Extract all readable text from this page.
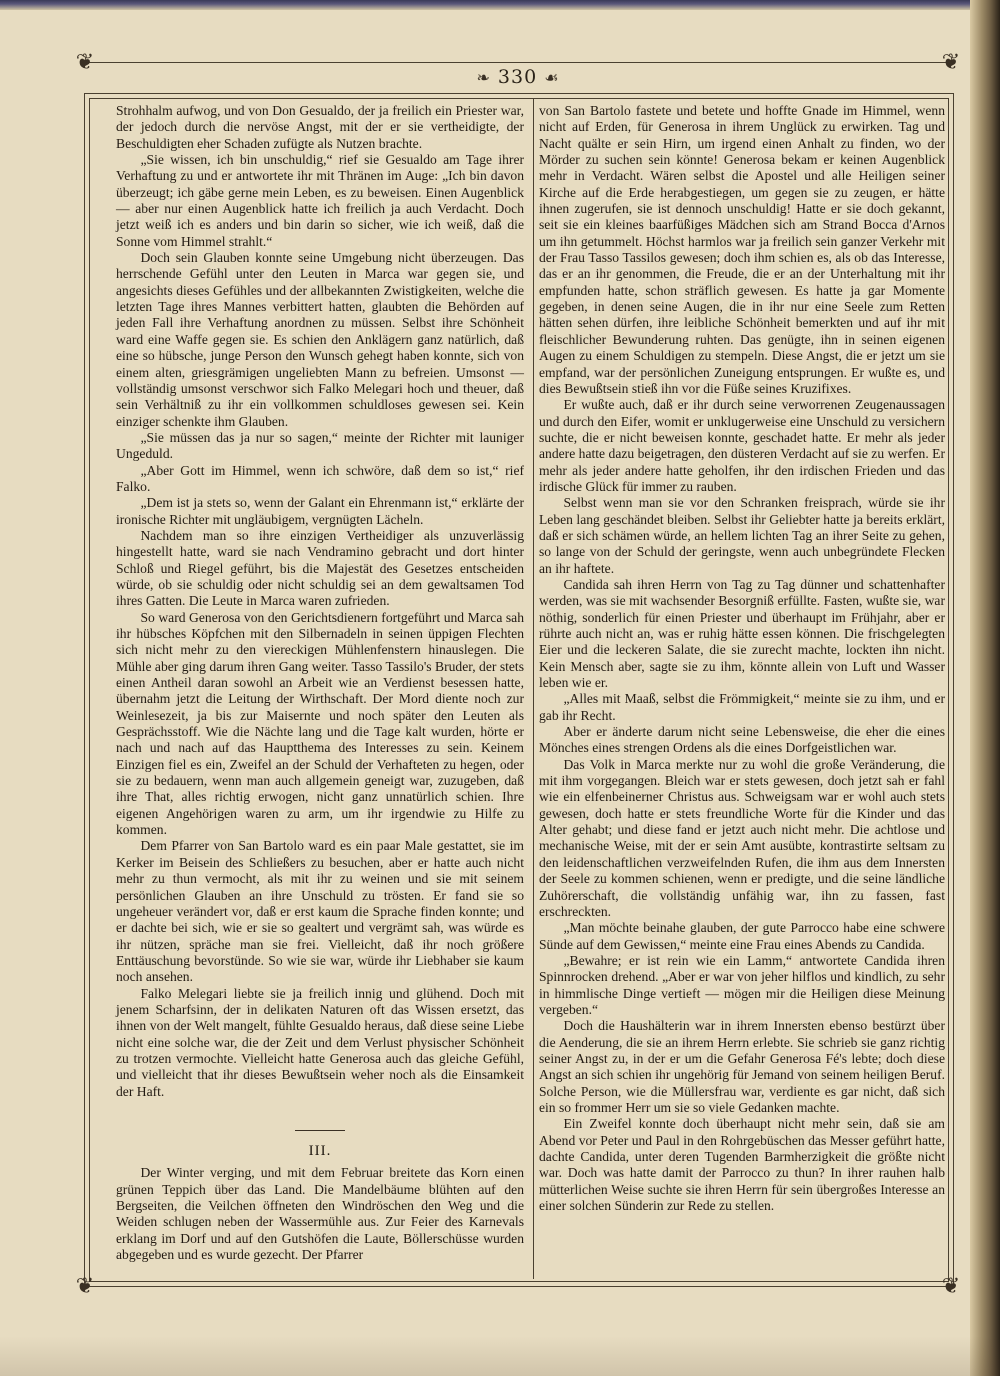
❦	❦
❧ 330 ☙

Strohhalm aufwog, und von Don Gesualdo, der ja freilich ein Priester war, der jedoch durch die nervöse Angst, mit der er sie vertheidigte, der Beschuldigten eher Schaden zufügte als Nutzen brachte.

„Sie wissen, ich bin unschuldig,“ rief sie Gesualdo am Tage ihrer Verhaftung zu und er antwortete ihr mit Thränen im Auge: „Ich bin davon überzeugt; ich gäbe gerne mein Leben, es zu beweisen. Einen Augenblick — aber nur einen Augenblick hatte ich freilich ja auch Verdacht. Doch jetzt weiß ich es anders und bin darin so sicher, wie ich weiß, daß die Sonne vom Himmel strahlt.“

Doch sein Glauben konnte seine Umgebung nicht überzeugen. Das herrschende Gefühl unter den Leuten in Marca war gegen sie, und angesichts dieses Gefühles und der allbekannten Zwistigkeiten, welche die letzten Tage ihres Mannes verbittert hatten, glaubten die Behörden auf jeden Fall ihre Verhaftung anordnen zu müssen. Selbst ihre Schönheit ward eine Waffe gegen sie. Es schien den Anklägern ganz natürlich, daß eine so hübsche, junge Person den Wunsch gehegt haben konnte, sich von einem alten, griesgrämigen ungeliebten Mann zu befreien. Umsonst — vollständig umsonst verschwor sich Falko Melegari hoch und theuer, daß sein Verhältniß zu ihr ein vollkommen schuldloses gewesen sei. Kein einziger schenkte ihm Glauben.

„Sie müssen das ja nur so sagen,“ meinte der Richter mit launiger Ungeduld.

„Aber Gott im Himmel, wenn ich schwöre, daß dem so ist,“ rief Falko.

„Dem ist ja stets so, wenn der Galant ein Ehrenmann ist,“ erklärte der ironische Richter mit ungläubigem, vergnügten Lächeln.

Nachdem man so ihre einzigen Vertheidiger als unzuverlässig hingestellt hatte, ward sie nach Vendramino gebracht und dort hinter Schloß und Riegel geführt, bis die Majestät des Gesetzes entscheiden würde, ob sie schuldig oder nicht schuldig sei an dem gewaltsamen Tod ihres Gatten. Die Leute in Marca waren zufrieden.

So ward Generosa von den Gerichtsdienern fortgeführt und Marca sah ihr hübsches Köpfchen mit den Silbernadeln in seinen üppigen Flechten sich nicht mehr zu den viereckigen Mühlenfenstern hinauslegen. Die Mühle aber ging darum ihren Gang weiter. Tasso Tassilo's Bruder, der stets einen Antheil daran sowohl an Arbeit wie an Verdienst besessen hatte, übernahm jetzt die Leitung der Wirthschaft. Der Mord diente noch zur Weinlesezeit, ja bis zur Maisernte und noch später den Leuten als Gesprächsstoff. Wie die Nächte lang und die Tage kalt wurden, hörte er nach und nach auf das Hauptthema des Interesses zu sein. Keinem Einzigen fiel es ein, Zweifel an der Schuld der Verhafteten zu hegen, oder sie zu bedauern, wenn man auch allgemein geneigt war, zuzugeben, daß ihre That, alles richtig erwogen, nicht ganz unnatürlich schien. Ihre eigenen Angehörigen waren zu arm, um ihr irgendwie zu Hilfe zu kommen.

Dem Pfarrer von San Bartolo ward es ein paar Male gestattet, sie im Kerker im Beisein des Schließers zu besuchen, aber er hatte auch nicht mehr zu thun vermocht, als mit ihr zu weinen und sie mit seinem persönlichen Glauben an ihre Unschuld zu trösten. Er fand sie so ungeheuer verändert vor, daß er erst kaum die Sprache finden konnte; und er dachte bei sich, wie er sie so gealtert und vergrämt sah, was würde es ihr nützen, spräche man sie frei. Vielleicht, daß ihr noch größere Enttäuschung bevorstünde. So wie sie war, würde ihr Liebhaber sie kaum noch ansehen.

Falko Melegari liebte sie ja freilich innig und glühend. Doch mit jenem Scharfsinn, der in delikaten Naturen oft das Wissen ersetzt, das ihnen von der Welt mangelt, fühlte Gesualdo heraus, daß diese seine Liebe nicht eine solche war, die der Zeit und dem Verlust physischer Schönheit zu trotzen vermochte. Vielleicht hatte Generosa auch das gleiche Gefühl, und vielleicht that ihr dieses Bewußtsein weher noch als die Einsamkeit der Haft.

III.

Der Winter verging, und mit dem Februar breitete das Korn einen grünen Teppich über das Land. Die Mandelbäume blühten auf den Bergseiten, die Veilchen öffneten den Windröschen den Weg und die Weiden schlugen neben der Wassermühle aus. Zur Feier des Karnevals erklang im Dorf und auf den Gutshöfen die Laute, Böllerschüsse wurden abgegeben und es wurde gezecht. Der Pfarrer

von San Bartolo fastete und betete und hoffte Gnade im Himmel, wenn nicht auf Erden, für Generosa in ihrem Unglück zu erwirken. Tag und Nacht quälte er sein Hirn, um irgend einen Anhalt zu finden, wo der Mörder zu suchen sein könnte! Generosa bekam er keinen Augenblick mehr in Verdacht. Wären selbst die Apostel und alle Heiligen seiner Kirche auf die Erde herabgestiegen, um gegen sie zu zeugen, er hätte ihnen zugerufen, sie ist dennoch unschuldig! Hatte er sie doch gekannt, seit sie ein kleines baarfüßiges Mädchen sich am Strand Bocca d'Arnos um ihn getummelt. Höchst harmlos war ja freilich sein ganzer Verkehr mit der Frau Tasso Tassilos gewesen; doch ihm schien es, als ob das Interesse, das er an ihr genommen, die Freude, die er an der Unterhaltung mit ihr empfunden hatte, schon sträflich gewesen. Es hatte ja gar Momente gegeben, in denen seine Augen, die in ihr nur eine Seele zum Retten hätten sehen dürfen, ihre leibliche Schönheit bemerkten und auf ihr mit fleischlicher Bewunderung ruhten. Das genügte, ihn in seinen eigenen Augen zu einem Schuldigen zu stempeln. Diese Angst, die er jetzt um sie empfand, war der persönlichen Zuneigung entsprungen. Er wußte es, und dies Bewußtsein stieß ihn vor die Füße seines Kruzifixes.

Er wußte auch, daß er ihr durch seine verworrenen Zeugenaussagen und durch den Eifer, womit er unklugerweise eine Unschuld zu versichern suchte, die er nicht beweisen konnte, geschadet hatte. Er mehr als jeder andere hatte dazu beigetragen, den düsteren Verdacht auf sie zu werfen. Er mehr als jeder andere hatte geholfen, ihr den irdischen Frieden und das irdische Glück für immer zu rauben.

Selbst wenn man sie vor den Schranken freisprach, würde sie ihr Leben lang geschändet bleiben. Selbst ihr Geliebter hatte ja bereits erklärt, daß er sich schämen würde, an hellem lichten Tag an ihrer Seite zu gehen, so lange von der Schuld der geringste, wenn auch unbegründete Flecken an ihr haftete.

Candida sah ihren Herrn von Tag zu Tag dünner und schattenhafter werden, was sie mit wachsender Besorgniß erfüllte. Fasten, wußte sie, war nöthig, sonderlich für einen Priester und überhaupt im Frühjahr, aber er rührte auch nicht an, was er ruhig hätte essen können. Die frischgelegten Eier und die leckeren Salate, die sie zurecht machte, lockten ihn nicht. Kein Mensch aber, sagte sie zu ihm, könnte allein von Luft und Wasser leben wie er.

„Alles mit Maaß, selbst die Frömmigkeit,“ meinte sie zu ihm, und er gab ihr Recht.

Aber er änderte darum nicht seine Lebensweise, die eher die eines Mönches eines strengen Ordens als die eines Dorfgeistlichen war.

Das Volk in Marca merkte nur zu wohl die große Veränderung, die mit ihm vorgegangen. Bleich war er stets gewesen, doch jetzt sah er fahl wie ein elfenbeinerner Christus aus. Schweigsam war er wohl auch stets gewesen, doch hatte er stets freundliche Worte für die Kinder und das Alter gehabt; und diese fand er jetzt auch nicht mehr. Die achtlose und mechanische Weise, mit der er sein Amt ausübte, kontrastirte seltsam zu den leidenschaftlichen verzweifelnden Rufen, die ihm aus dem Innersten der Seele zu kommen schienen, wenn er predigte, und die seine ländliche Zuhörerschaft, die vollständig unfähig war, ihn zu fassen, fast erschreckten.

„Man möchte beinahe glauben, der gute Parrocco habe eine schwere Sünde auf dem Gewissen,“ meinte eine Frau eines Abends zu Candida.

„Bewahre; er ist rein wie ein Lamm,“ antwortete Candida ihren Spinnrocken drehend. „Aber er war von jeher hilflos und kindlich, zu sehr in himmlische Dinge vertieft — mögen mir die Heiligen diese Meinung vergeben.“

Doch die Haushälterin war in ihrem Innersten ebenso bestürzt über die Aenderung, die sie an ihrem Herrn erlebte. Sie schrieb sie ganz richtig seiner Angst zu, in der er um die Gefahr Generosa Fé's lebte; doch diese Angst an sich schien ihr ungehörig für Jemand von seinem heiligen Beruf. Solche Person, wie die Müllersfrau war, verdiente es gar nicht, daß sich ein so frommer Herr um sie so viele Gedanken machte.

Ein Zweifel konnte doch überhaupt nicht mehr sein, daß sie am Abend vor Peter und Paul in den Rohrgebüschen das Messer geführt hatte, dachte Candida, unter deren Tugenden Barmherzigkeit die größte nicht war. Doch was hatte damit der Parrocco zu thun? In ihrer rauhen halb mütterlichen Weise suchte sie ihren Herrn für sein übergroßes Interesse an einer solchen Sünderin zur Rede zu stellen.

❦	❦
